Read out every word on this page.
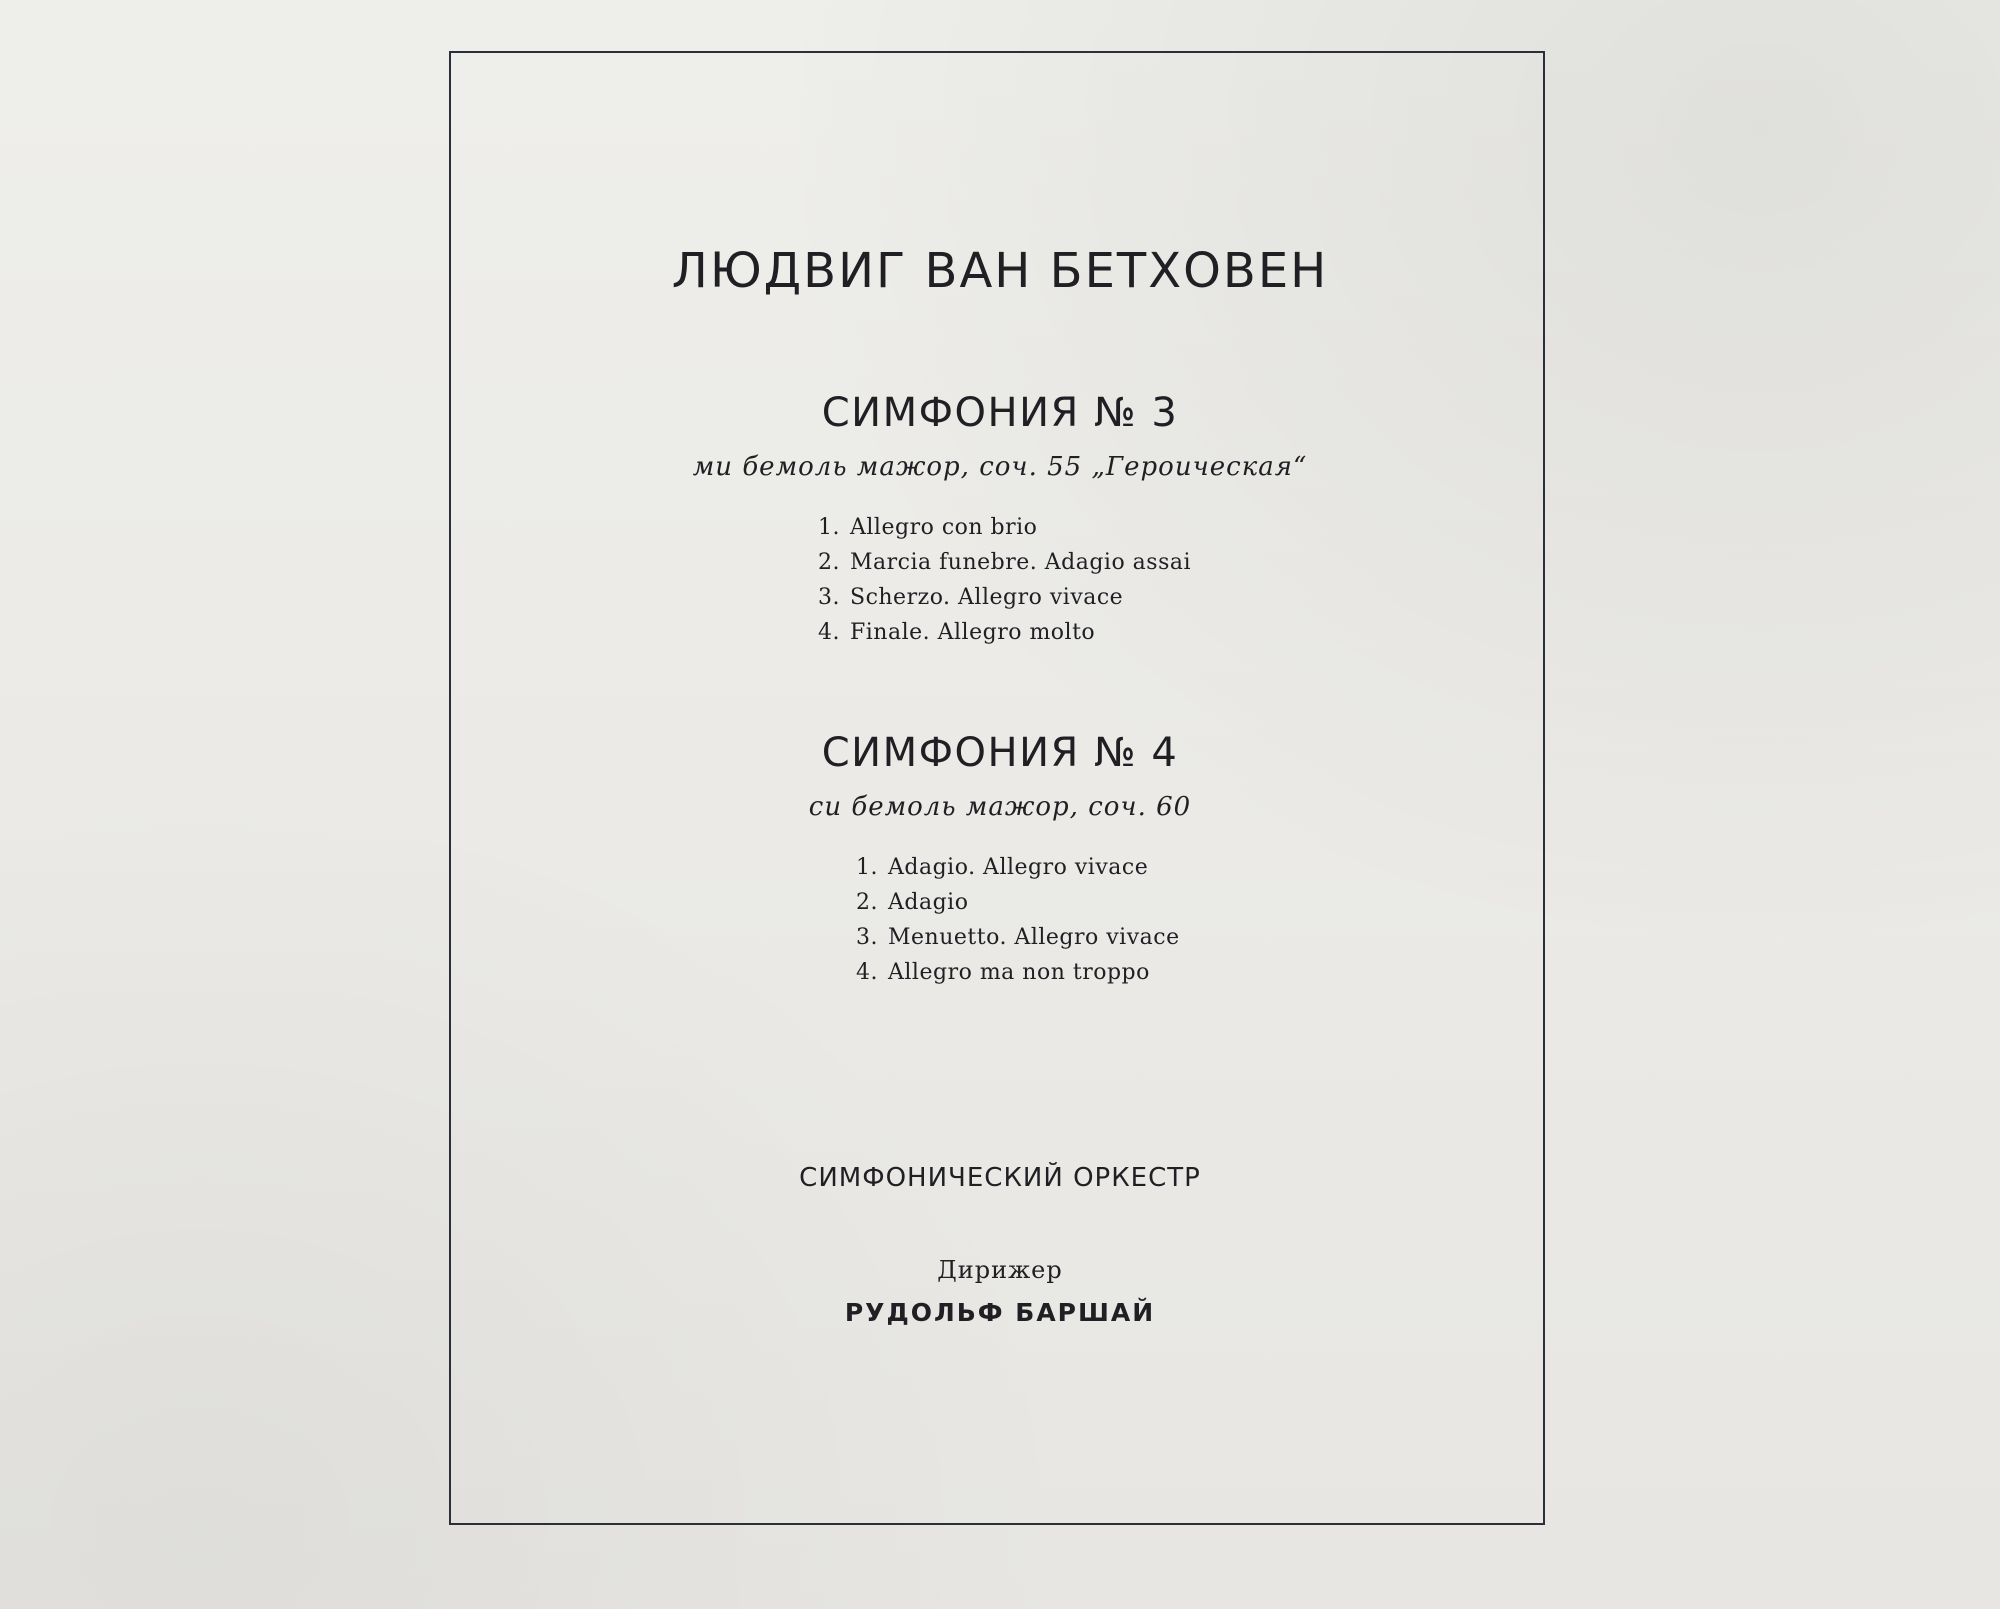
ЛЮДВИГ ВАН БЕТХОВЕН
СИМФОНИЯ № 3
ми бемоль мажор, соч. 55 „Героическая“
1. Allegro con brio
2. Marcia funebre. Adagio assai
3. Scherzo. Allegro vivace
4. Finale. Allegro molto
СИМФОНИЯ № 4
си бемоль мажор, соч. 60
1. Adagio. Allegro vivace
2. Adagio
3. Menuetto. Allegro vivace
4. Allegro ma non troppo
СИМФОНИЧЕСКИЙ ОРКЕСТР
Дирижер
РУДОЛЬФ БАРШАЙ
